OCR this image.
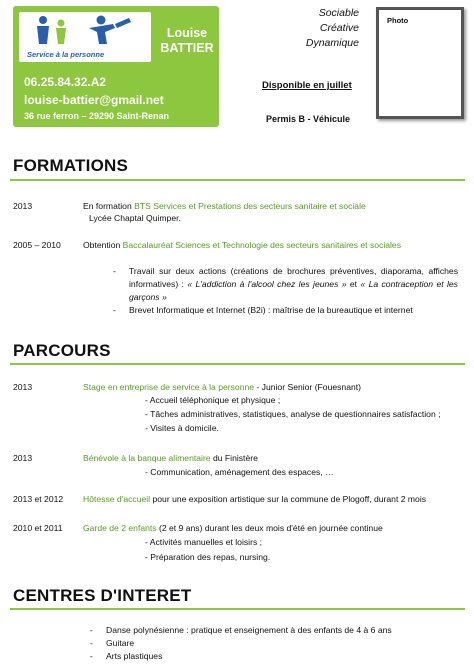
Service à la personne
Louise
BATTIER
06.25.84.32.A2
louise-battier@gmail.net
36 rue ferron – 29290 Saint-Renan
Sociable
Créative
Dynamique
Disponible en juillet
Permis B - Véhicule
Photo
FORMATIONS
2013	En formation BTS Services et Prestations des secteurs sanitaire et sociale
Lycée Chaptal Quimper.
2005 – 2010	Obtention Baccalauréat Sciences et Technologie des secteurs sanitaires et sociales
- Travail sur deux actions (créations de brochures préventives, diaporama, affiches informatives) : « L'addiction à l'alcool chez les jeunes » et « La contraception et les garçons »
- Brevet Informatique et Internet (B2i) : maîtrise de la bureautique et internet
PARCOURS
2013	Stage en entreprise de service à la personne - Junior Senior (Fouesnant)
- Accueil téléphonique et physique ;
- Tâches administratives, statistiques, analyse de questionnaires satisfaction ;
- Visites à domicile.
2013	Bénévole à la banque alimentaire du Finistère
- Communication, aménagement des espaces, …
2013 et 2012 Hôtesse d'accueil pour une exposition artistique sur la commune de Plogoff, durant 2 mois
2010 et 2011 Garde de 2 enfants (2 et 9 ans) durant les deux mois d'été en journée continue
- Activités manuelles et loisirs ;
- Préparation des repas, nursing.
CENTRES D'INTERET
- Danse polynésienne : pratique et enseignement à des enfants de 4 à 6 ans
- Guitare
- Arts plastiques
